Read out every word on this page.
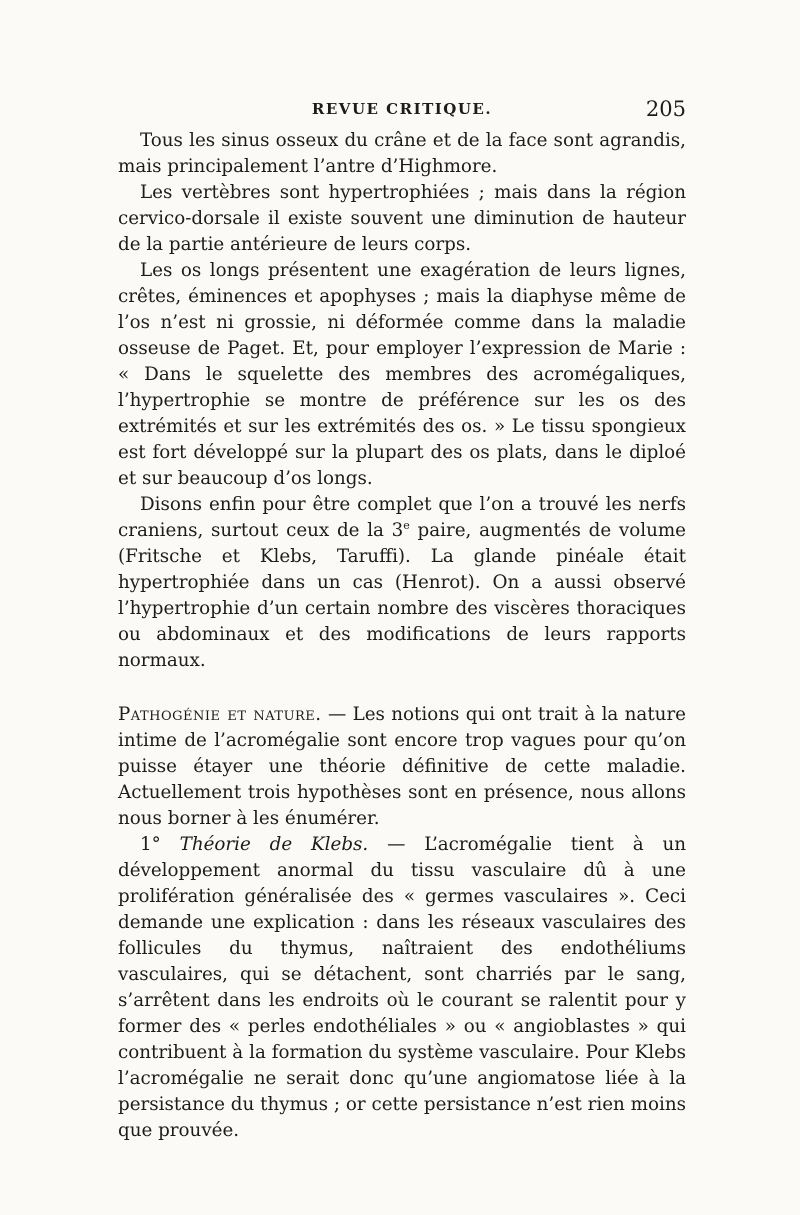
REVUE CRITIQUE.	205

Tous les sinus osseux du crâne et de la face sont agrandis, mais principalement l’antre d’Highmore.

Les vertèbres sont hypertrophiées ; mais dans la région cervico-dorsale il existe souvent une diminution de hauteur de la partie antérieure de leurs corps.

Les os longs présentent une exagération de leurs lignes, crêtes, éminences et apophyses ; mais la diaphyse même de l’os n’est ni grossie, ni déformée comme dans la maladie osseuse de Paget. Et, pour employer l’expression de Marie : « Dans le squelette des membres des acromégaliques, l’hypertrophie se montre de préférence sur les os des extrémités et sur les extrémités des os. » Le tissu spongieux est fort développé sur la plupart des os plats, dans le diploé et sur beaucoup d’os longs.

Disons enfin pour être complet que l’on a trouvé les nerfs craniens, surtout ceux de la 3e paire, augmentés de volume (Fritsche et Klebs, Taruffi). La glande pinéale était hypertrophiée dans un cas (Henrot). On a aussi observé l’hypertrophie d’un certain nombre des viscères thoraciques ou abdominaux et des modifications de leurs rapports normaux.

Pathogénie et nature. — Les notions qui ont trait à la nature intime de l’acromégalie sont encore trop vagues pour qu’on puisse étayer une théorie définitive de cette maladie. Actuellement trois hypothèses sont en présence, nous allons nous borner à les énumérer.

1° Théorie de Klebs. — L’acromégalie tient à un développement anormal du tissu vasculaire dû à une prolifération généralisée des « germes vasculaires ». Ceci demande une explication : dans les réseaux vasculaires des follicules du thymus, naîtraient des endothéliums vasculaires, qui se détachent, sont charriés par le sang, s’arrêtent dans les endroits où le courant se ralentit pour y former des « perles endothéliales » ou « angioblastes » qui contribuent à la formation du système vasculaire. Pour Klebs l’acromégalie ne serait donc qu’une angiomatose liée à la persistance du thymus ; or cette persistance n’est rien moins que prouvée.
